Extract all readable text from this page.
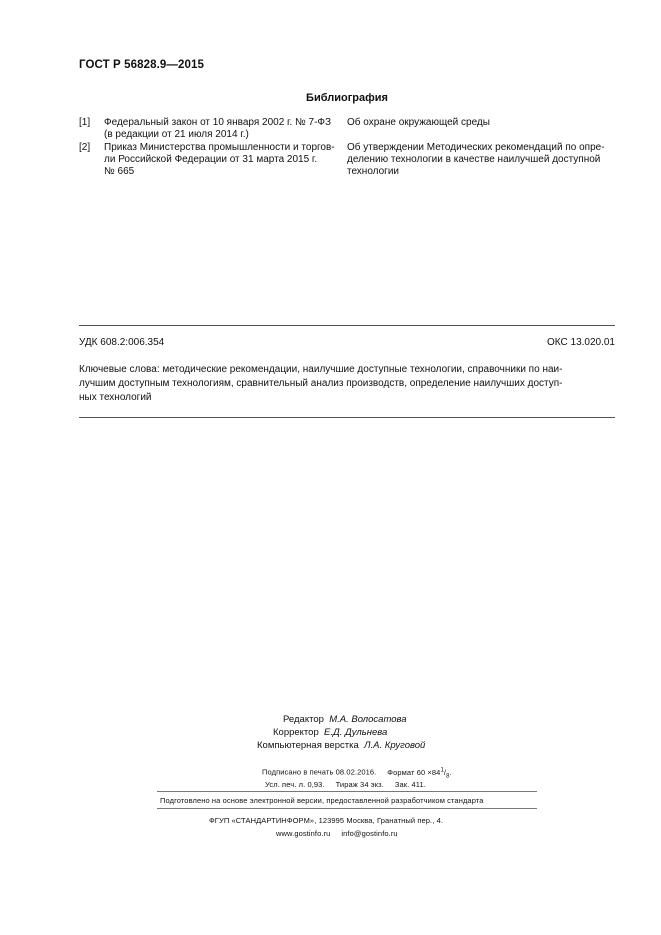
ГОСТ Р 56828.9—2015
Библиография
[1] Федеральный закон от 10 января 2002 г. № 7-ФЗ
(в редакции от 21 июля 2014 г.)
Об охране окружающей среды
[2] Приказ Министерства промышленности и торгов-
ли Российской Федерации от 31 марта 2015 г.
№ 665
Об утверждении Методических рекомендаций по опре-
делению технологии в качестве наилучшей доступной
технологии
УДК 608.2:006.354	ОКС 13.020.01
Ключевые слова: методические рекомендации, наилучшие доступные технологии, справочники по наи-
лучшим доступным технологиям, сравнительный анализ производств, определение наилучших доступ-
ных технологий
Редактор М.А. Волосатова
Корректор Е.Д. Дульнева
Компьютерная верстка Л.А. Круговой
Подписано в печать 08.02.2016. Формат $60 \times 84^1/_8$.
Усл. печ. л. 0,93. Тираж 34 экз. Зак. 411.
Подготовлено на основе электронной версии, предоставленной разработчиком стандарта
ФГУП «СТАНДАРТИНФОРМ», 123995 Москва, Гранатный пер., 4.
www.gostinfo.ru info@gostinfo.ru
